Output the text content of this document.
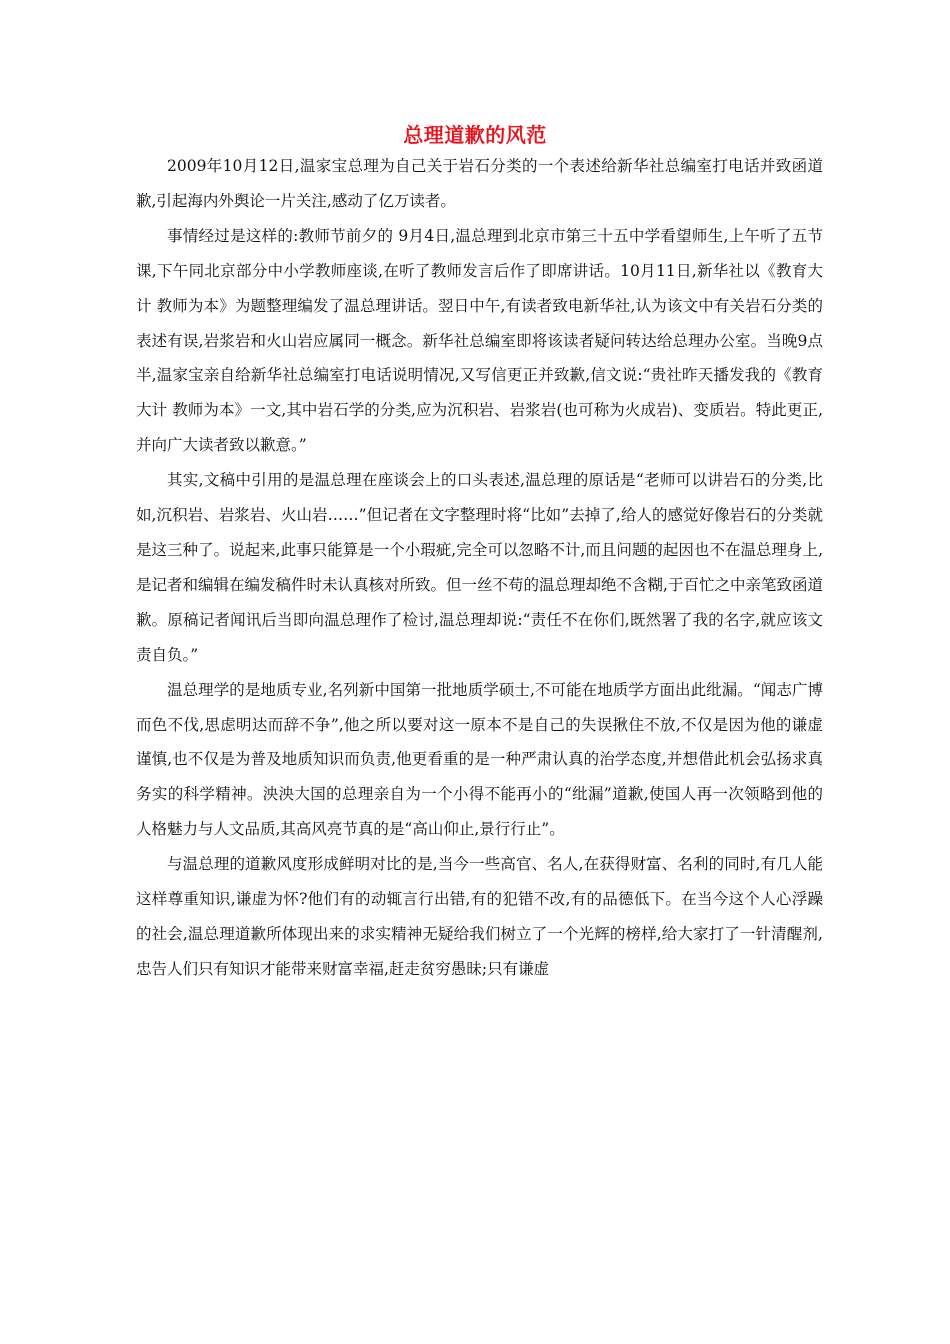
总理道歉的风范

2009年10月12日,温家宝总理为自己关于岩石分类的一个表述给新华社总编室打电话并致函道歉,引起海内外舆论一片关注,感动了亿万读者。

事情经过是这样的:教师节前夕的 9月4日,温总理到北京市第三十五中学看望师生,上午听了五节课,下午同北京部分中小学教师座谈,在听了教师发言后作了即席讲话。10月11日,新华社以《教育大计 教师为本》为题整理编发了温总理讲话。翌日中午,有读者致电新华社,认为该文中有关岩石分类的表述有误,岩浆岩和火山岩应属同一概念。新华社总编室即将该读者疑问转达给总理办公室。当晚9点半,温家宝亲自给新华社总编室打电话说明情况,又写信更正并致歉,信文说:“贵社昨天播发我的《教育大计 教师为本》一文,其中岩石学的分类,应为沉积岩、岩浆岩(也可称为火成岩)、变质岩。特此更正,并向广大读者致以歉意。”

其实,文稿中引用的是温总理在座谈会上的口头表述,温总理的原话是“老师可以讲岩石的分类,比如,沉积岩、岩浆岩、火山岩……”但记者在文字整理时将“比如”去掉了,给人的感觉好像岩石的分类就是这三种了。说起来,此事只能算是一个小瑕疵,完全可以忽略不计,而且问题的起因也不在温总理身上,是记者和编辑在编发稿件时未认真核对所致。但一丝不苟的温总理却绝不含糊,于百忙之中亲笔致函道歉。原稿记者闻讯后当即向温总理作了检讨,温总理却说:“责任不在你们,既然署了我的名字,就应该文责自负。”

温总理学的是地质专业,名列新中国第一批地质学硕士,不可能在地质学方面出此纰漏。“闻志广博而色不伐,思虑明达而辞不争”,他之所以要对这一原本不是自己的失误揪住不放,不仅是因为他的谦虚谨慎,也不仅是为普及地质知识而负责,他更看重的是一种严肃认真的治学态度,并想借此机会弘扬求真务实的科学精神。泱泱大国的总理亲自为一个小得不能再小的“纰漏”道歉,使国人再一次领略到他的人格魅力与人文品质,其高风亮节真的是“高山仰止,景行行止”。

与温总理的道歉风度形成鲜明对比的是,当今一些高官、名人,在获得财富、名利的同时,有几人能这样尊重知识,谦虚为怀?他们有的动辄言行出错,有的犯错不改,有的品德低下。在当今这个人心浮躁的社会,温总理道歉所体现出来的求实精神无疑给我们树立了一个光辉的榜样,给大家打了一针清醒剂,忠告人们只有知识才能带来财富幸福,赶走贫穷愚昧;只有谦虚
